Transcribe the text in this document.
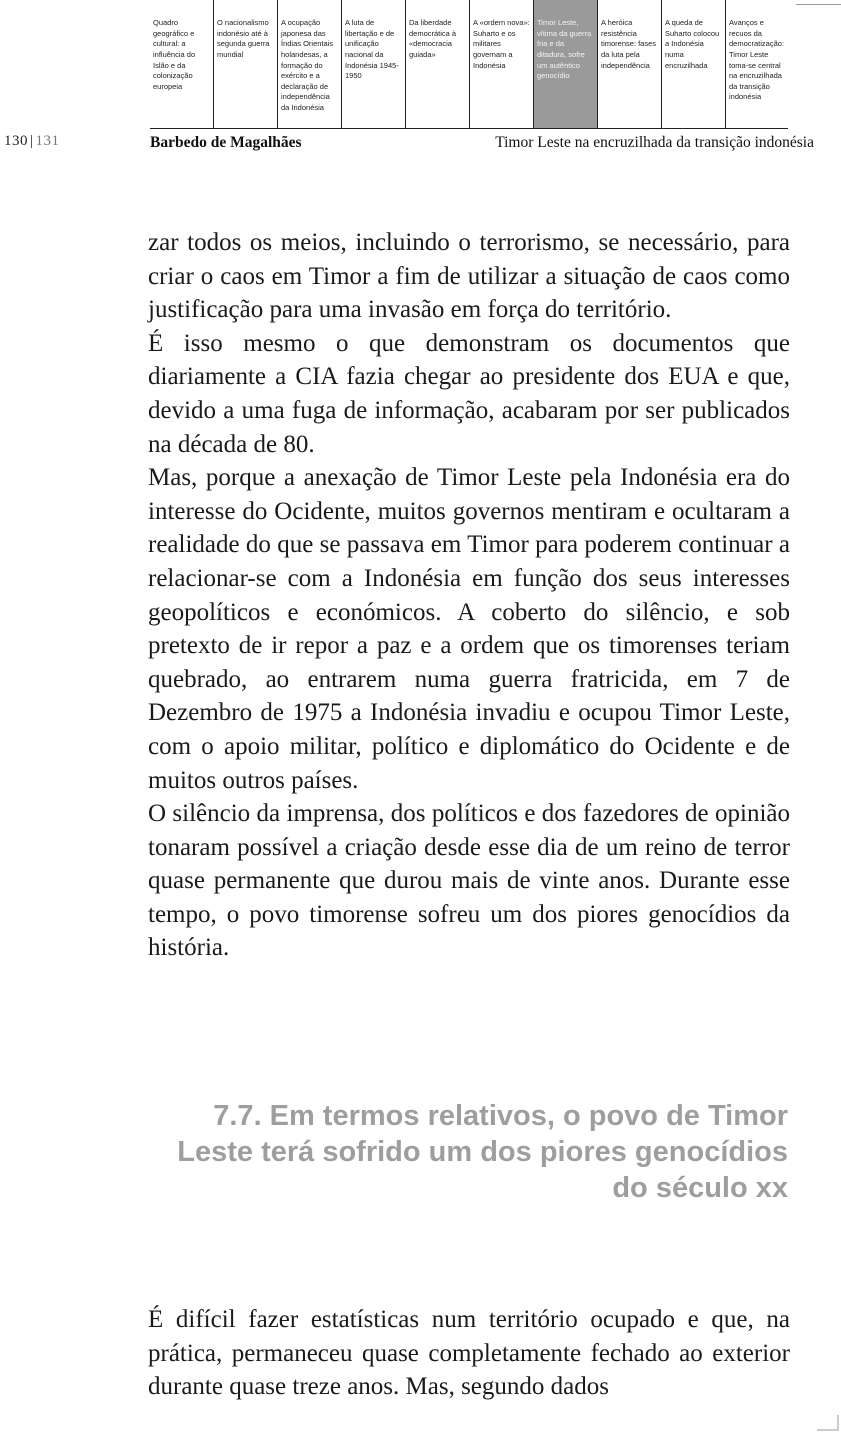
Quadro geográfico e cultural: a influência do Islão e da colonização europeia
O nacionalismo indonésio até à segunda guerra mundial
A ocupação japonesa das Índias Orientais holandesas, a formação do exército e a declaração de independência da Indonésia
A luta de libertação e de unificação nacional da Indonésia 1945-1950
Da liberdade democrática à «democracia guiada»
A «ordem nova»: Suharto e os militares governam a Indonésia
Timor Leste, vítima da guerra fria e da ditadura, sofre um autêntico genocídio
A heróica resistência timorense: fases da luta pela independência
A queda de Suharto colocou a Indonésia numa encruzilhada
Avanços e recuos da democratização: Timor Leste toma-se central na encruzilhada da transição indonésia
130 | 131	Barbedo de Magalhães	Timor Leste na encruzilhada da transição indonésia

zar todos os meios, incluindo o terrorismo, se necessário, para criar o caos em Timor a fim de utilizar a situação de caos como justificação para uma invasão em força do território.

É isso mesmo o que demonstram os documentos que diariamente a CIA fazia chegar ao presidente dos EUA e que, devido a uma fuga de informação, acabaram por ser publicados na década de 80.

Mas, porque a anexação de Timor Leste pela Indonésia era do interesse do Ocidente, muitos governos mentiram e ocultaram a realidade do que se passava em Timor para poderem continuar a relacionar-se com a Indonésia em função dos seus interesses geopolíticos e económicos. A coberto do silêncio, e sob pretexto de ir repor a paz e a ordem que os timorenses teriam quebrado, ao entrarem numa guerra fratricida, em 7 de Dezembro de 1975 a Indonésia invadiu e ocupou Timor Leste, com o apoio militar, político e diplomático do Ocidente e de muitos outros países.

O silêncio da imprensa, dos políticos e dos fazedores de opinião tonaram possível a criação desde esse dia de um reino de terror quase permanente que durou mais de vinte anos. Durante esse tempo, o povo timorense sofreu um dos piores genocídios da história.

7.7. Em termos relativos, o povo de Timor Leste terá sofrido um dos piores genocídios do século xx

É difícil fazer estatísticas num território ocupado e que, na prática, permaneceu quase completamente fechado ao exterior durante quase treze anos. Mas, segundo dados
